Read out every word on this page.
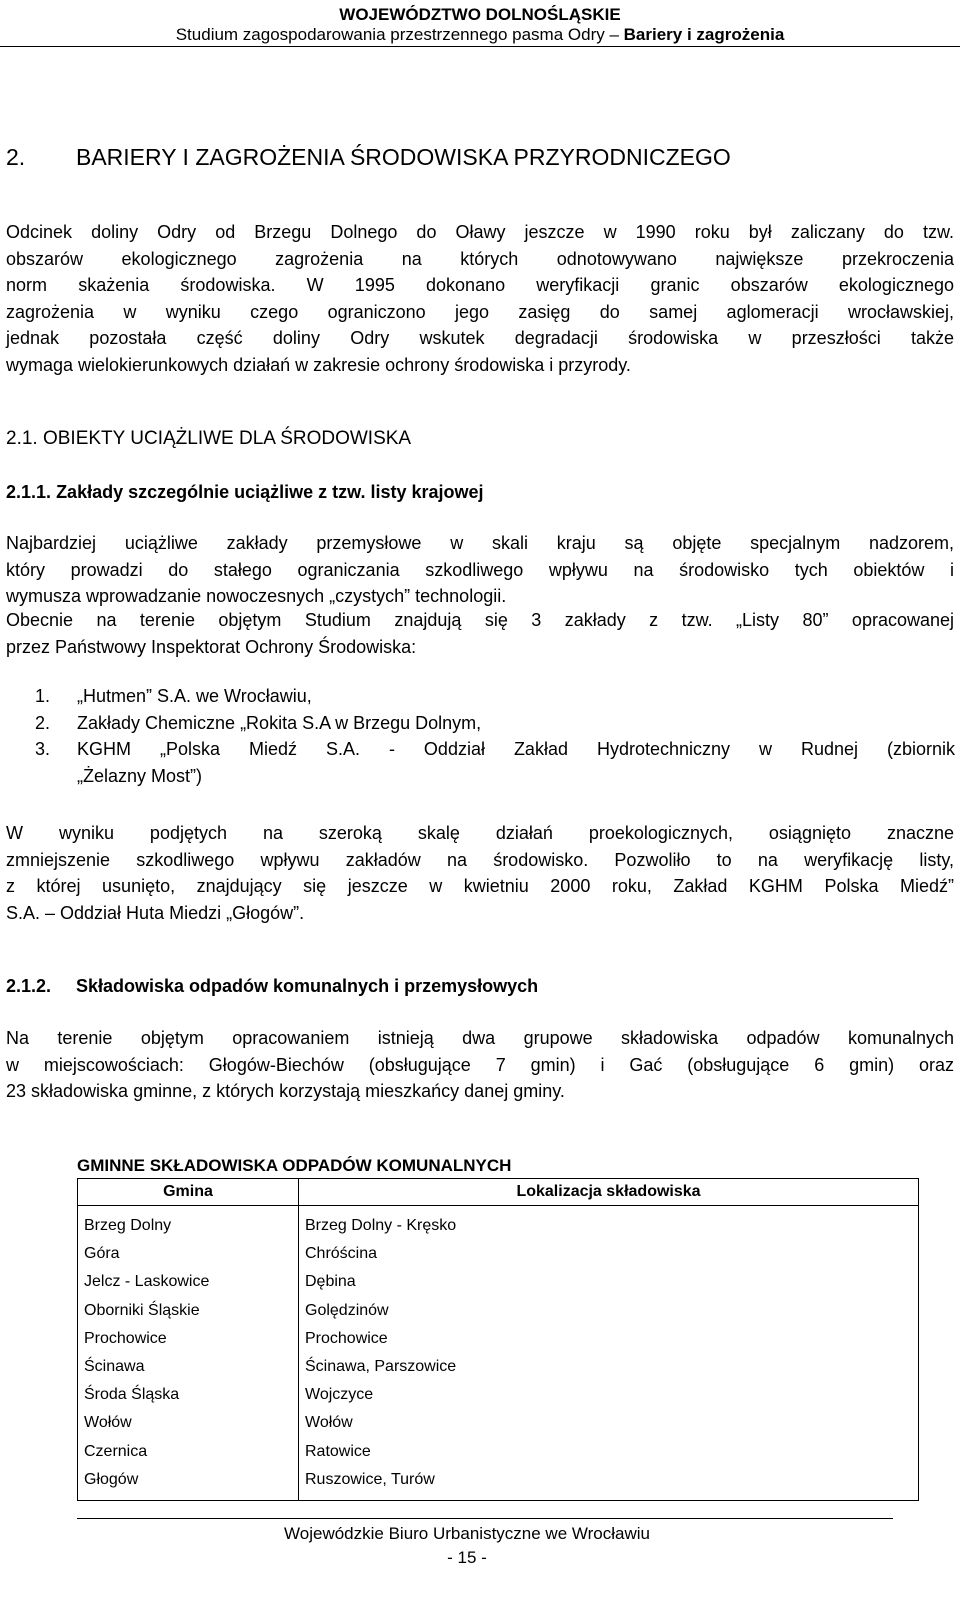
WOJEWÓDZTWO DOLNOŚLĄSKIE
Studium zagospodarowania przestrzennego pasma Odry – Bariery i zagrożenia
2. BARIERY I ZAGROŻENIA ŚRODOWISKA PRZYRODNICZEGO
Odcinek doliny Odry od Brzegu Dolnego do Oławy jeszcze w 1990 roku był zaliczany do tzw.
obszarów ekologicznego zagrożenia na których odnotowywano największe przekroczenia
norm skażenia środowiska. W 1995 dokonano weryfikacji granic obszarów ekologicznego
zagrożenia w wyniku czego ograniczono jego zasięg do samej aglomeracji wrocławskiej,
jednak pozostała część doliny Odry wskutek degradacji środowiska w przeszłości także
wymaga wielokierunkowych działań w zakresie ochrony środowiska i przyrody.
2.1. OBIEKTY UCIĄŻLIWE DLA ŚRODOWISKA
2.1.1. Zakłady szczególnie uciążliwe z tzw. listy krajowej
Najbardziej uciążliwe zakłady przemysłowe w skali kraju są objęte specjalnym nadzorem,
który prowadzi do stałego ograniczania szkodliwego wpływu na środowisko tych obiektów i
wymusza wprowadzanie nowoczesnych „czystych” technologii.
Obecnie na terenie objętym Studium znajdują się 3 zakłady z tzw. „Listy 80” opracowanej
przez Państwowy Inspektorat Ochrony Środowiska:
1.	„Hutmen” S.A. we Wrocławiu,
2.	Zakłady Chemiczne „Rokita S.A w Brzegu Dolnym,
3.	KGHM „Polska Miedź S.A. - Oddział Zakład Hydrotechniczny w Rudnej (zbiornik
„Żelazny Most”)
W wyniku podjętych na szeroką skalę działań proekologicznych, osiągnięto znaczne
zmniejszenie szkodliwego wpływu zakładów na środowisko. Pozwoliło to na weryfikację listy,
z której usunięto, znajdujący się jeszcze w kwietniu 2000 roku, Zakład KGHM Polska Miedź”
S.A. – Oddział Huta Miedzi „Głogów”.
2.1.2. Składowiska odpadów komunalnych i przemysłowych
Na terenie objętym opracowaniem istnieją dwa grupowe składowiska odpadów komunalnych
w miejscowościach: Głogów-Biechów (obsługujące 7 gmin) i Gać (obsługujące 6 gmin) oraz
23 składowiska gminne, z których korzystają mieszkańcy danej gminy.
GMINNE SKŁADOWISKA ODPADÓW KOMUNALNYCH
Gmina	Lokalizacja składowiska
Brzeg Dolny	Brzeg Dolny - Kręsko
Góra	Chróścina
Jelcz - Laskowice	Dębina
Oborniki Śląskie	Golędzinów
Prochowice	Prochowice
Ścinawa	Ścinawa, Parszowice
Środa Śląska	Wojczyce
Wołów	Wołów
Czernica	Ratowice
Głogów	Ruszowice, Turów
Wojewódzkie Biuro Urbanistyczne we Wrocławiu
- 15 -
